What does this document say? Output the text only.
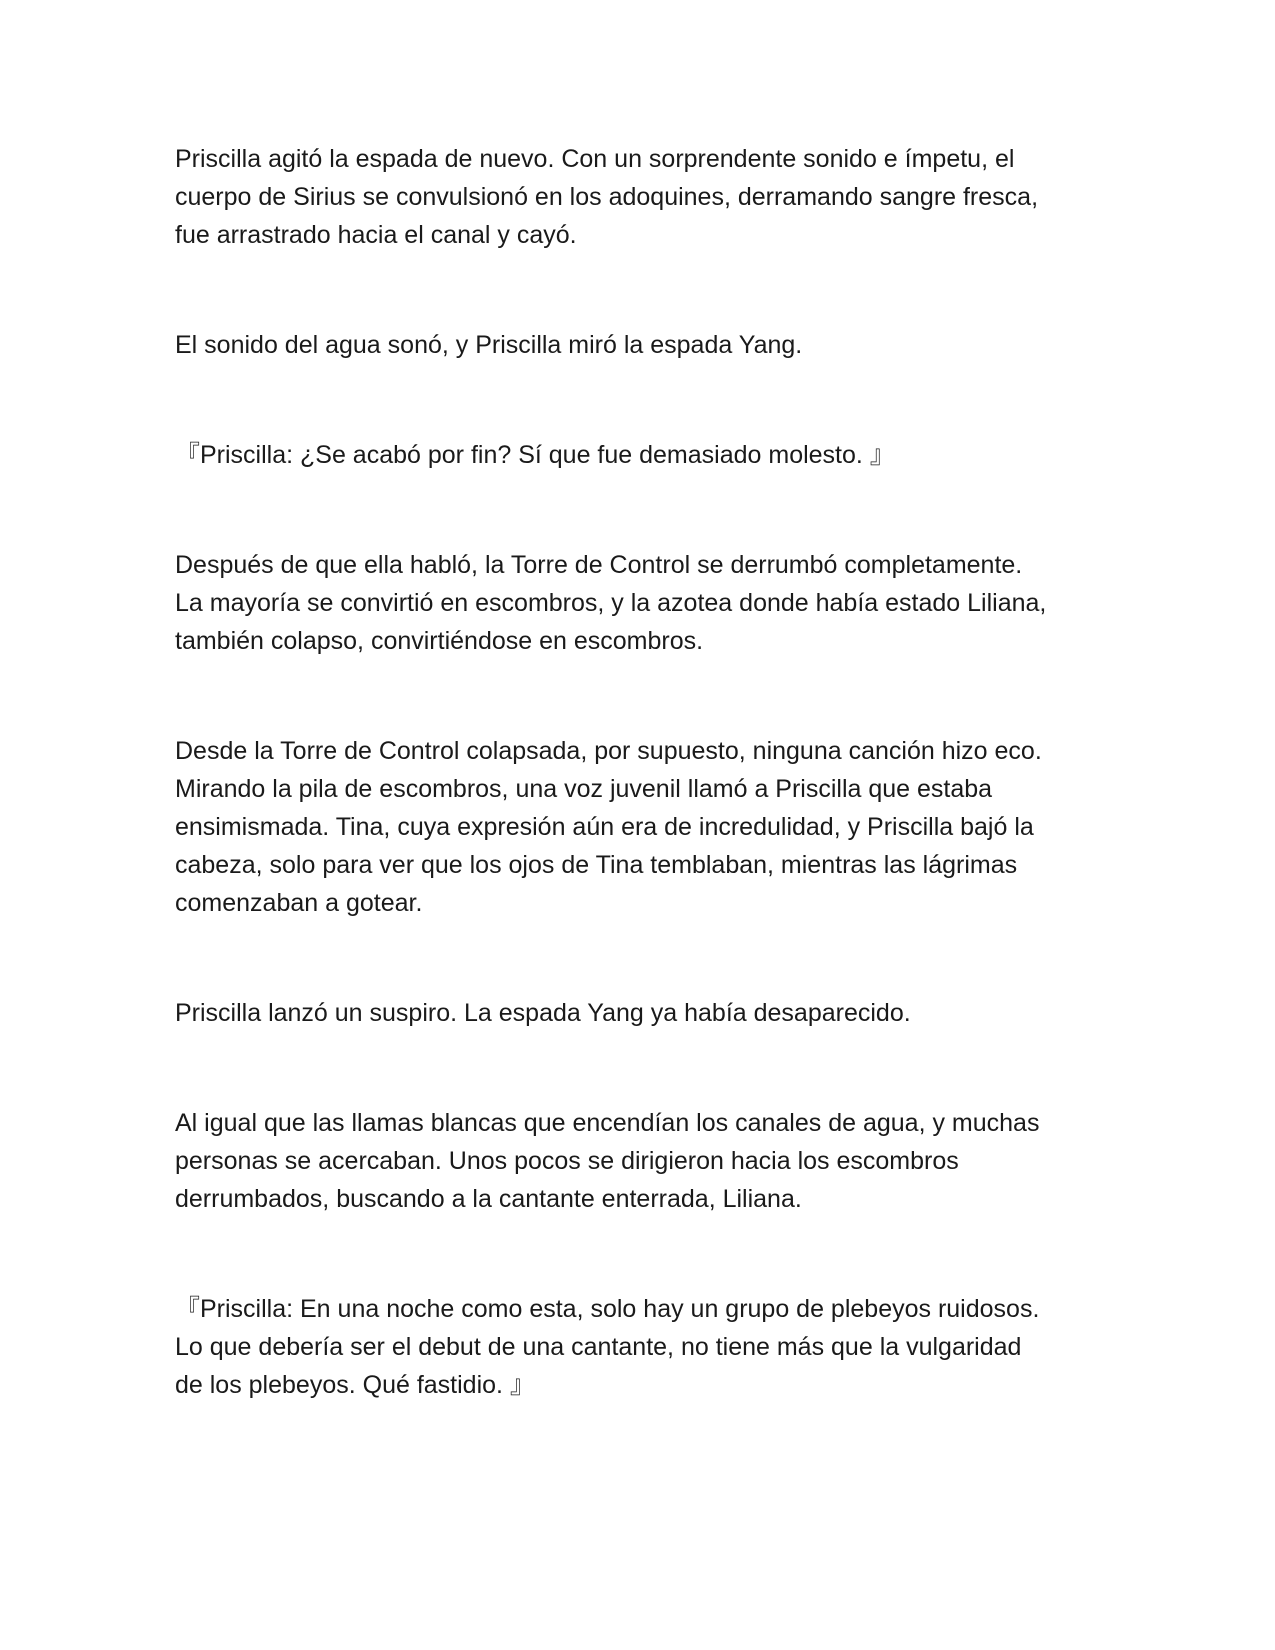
Priscilla agitó la espada de nuevo. Con un sorprendente sonido e ímpetu, el
cuerpo de Sirius se convulsionó en los adoquines, derramando sangre fresca,
fue arrastrado hacia el canal y cayó.

El sonido del agua sonó, y Priscilla miró la espada Yang.

『Priscilla: ¿Se acabó por fin? Sí que fue demasiado molesto. 』

Después de que ella habló, la Torre de Control se derrumbó completamente.
La mayoría se convirtió en escombros, y la azotea donde había estado Liliana,
también colapso, convirtiéndose en escombros.

Desde la Torre de Control colapsada, por supuesto, ninguna canción hizo eco.
Mirando la pila de escombros, una voz juvenil llamó a Priscilla que estaba
ensimismada. Tina, cuya expresión aún era de incredulidad, y Priscilla bajó la
cabeza, solo para ver que los ojos de Tina temblaban, mientras las lágrimas
comenzaban a gotear.

Priscilla lanzó un suspiro. La espada Yang ya había desaparecido.

Al igual que las llamas blancas que encendían los canales de agua, y muchas
personas se acercaban. Unos pocos se dirigieron hacia los escombros
derrumbados, buscando a la cantante enterrada, Liliana.

『Priscilla: En una noche como esta, solo hay un grupo de plebeyos ruidosos.
Lo que debería ser el debut de una cantante, no tiene más que la vulgaridad
de los plebeyos. Qué fastidio. 』
